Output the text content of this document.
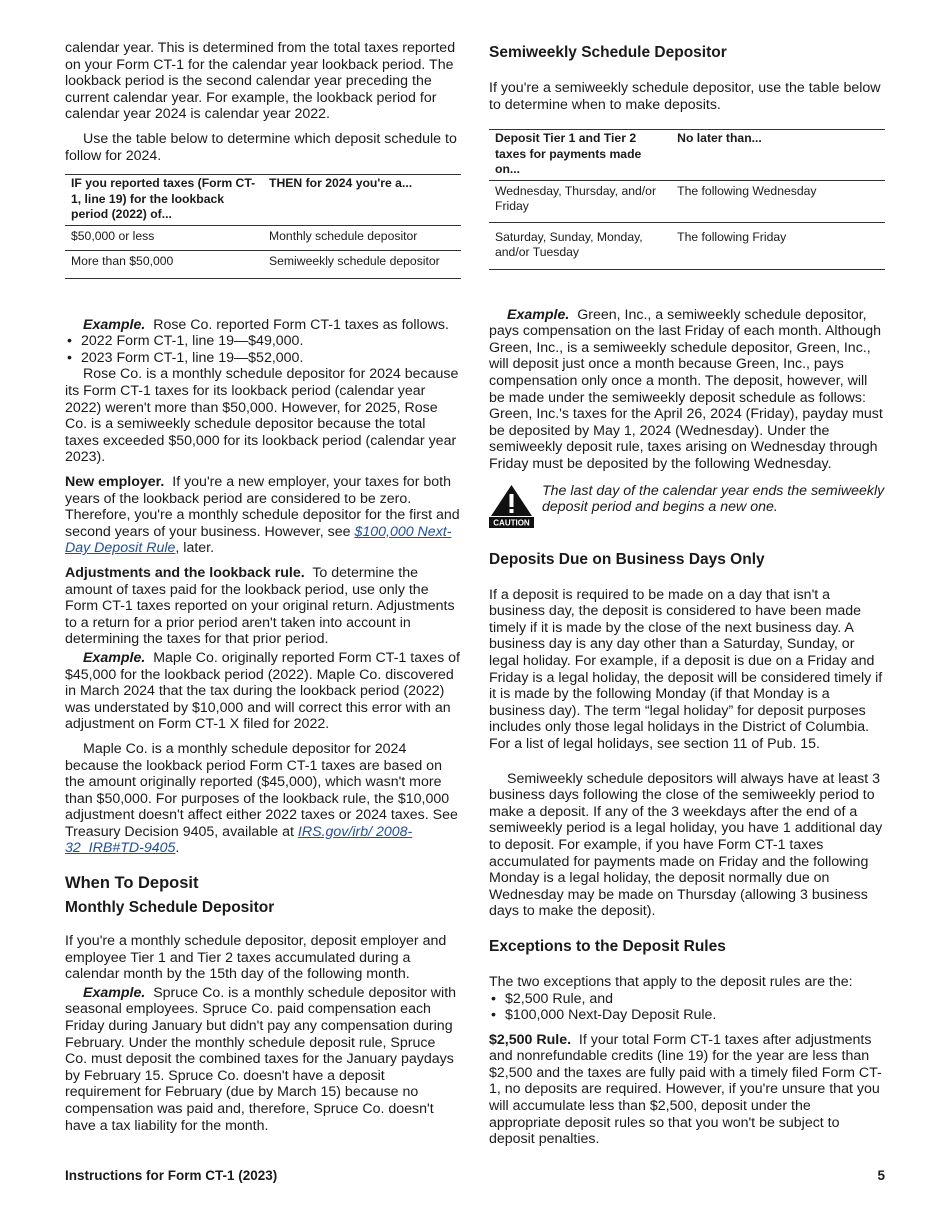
calendar year. This is determined from the total taxes reported on your Form CT-1 for the calendar year lookback period. The lookback period is the second calendar year preceding the current calendar year. For example, the lookback period for calendar year 2024 is calendar year 2022.

Use the table below to determine which deposit schedule to follow for 2024.

IF you reported taxes (Form CT-1, line 19) for the lookback period (2022) of...	THEN for 2024 you're a...
$50,000 or less	Monthly schedule depositor
More than $50,000	Semiweekly schedule depositor

Example. Rose Co. reported Form CT-1 taxes as follows.

• 2022 Form CT-1, line 19—$49,000.
• 2023 Form CT-1, line 19—$52,000.

Rose Co. is a monthly schedule depositor for 2024 because its Form CT-1 taxes for its lookback period (calendar year 2022) weren't more than $50,000. However, for 2025, Rose Co. is a semiweekly schedule depositor because the total taxes exceeded $50,000 for its lookback period (calendar year 2023).

New employer. If you're a new employer, your taxes for both years of the lookback period are considered to be zero. Therefore, you're a monthly schedule depositor for the first and second years of your business. However, see $100,000 Next-Day Deposit Rule, later.

Adjustments and the lookback rule. To determine the amount of taxes paid for the lookback period, use only the Form CT-1 taxes reported on your original return. Adjustments to a return for a prior period aren't taken into account in determining the taxes for that prior period.

Example. Maple Co. originally reported Form CT-1 taxes of $45,000 for the lookback period (2022). Maple Co. discovered in March 2024 that the tax during the lookback period (2022) was understated by $10,000 and will correct this error with an adjustment on Form CT-1 X filed for 2022.

Maple Co. is a monthly schedule depositor for 2024 because the lookback period Form CT-1 taxes are based on the amount originally reported ($45,000), which wasn't more than $50,000. For purposes of the lookback rule, the $10,000 adjustment doesn't affect either 2022 taxes or 2024 taxes. See Treasury Decision 9405, available at IRS.gov/irb/ 2008-32_IRB#TD-9405.

When To Deposit
Monthly Schedule Depositor

If you're a monthly schedule depositor, deposit employer and employee Tier 1 and Tier 2 taxes accumulated during a calendar month by the 15th day of the following month.

Example. Spruce Co. is a monthly schedule depositor with seasonal employees. Spruce Co. paid compensation each Friday during January but didn't pay any compensation during February. Under the monthly schedule deposit rule, Spruce Co. must deposit the combined taxes for the January paydays by February 15. Spruce Co. doesn't have a deposit requirement for February (due by March 15) because no compensation was paid and, therefore, Spruce Co. doesn't have a tax liability for the month.

Semiweekly Schedule Depositor

If you're a semiweekly schedule depositor, use the table below to determine when to make deposits.

Deposit Tier 1 and Tier 2 taxes for payments made on...	No later than...
Wednesday, Thursday, and/or Friday	The following Wednesday
Saturday, Sunday, Monday, and/or Tuesday	The following Friday

Example. Green, Inc., a semiweekly schedule depositor, pays compensation on the last Friday of each month. Although Green, Inc., is a semiweekly schedule depositor, Green, Inc., will deposit just once a month because Green, Inc., pays compensation only once a month. The deposit, however, will be made under the semiweekly deposit schedule as follows: Green, Inc.'s taxes for the April 26, 2024 (Friday), payday must be deposited by May 1, 2024 (Wednesday). Under the semiweekly deposit rule, taxes arising on Wednesday through Friday must be deposited by the following Wednesday.

CAUTION
The last day of the calendar year ends the semiweekly deposit period and begins a new one.
Deposits Due on Business Days Only

If a deposit is required to be made on a day that isn't a business day, the deposit is considered to have been made timely if it is made by the close of the next business day. A business day is any day other than a Saturday, Sunday, or legal holiday. For example, if a deposit is due on a Friday and Friday is a legal holiday, the deposit will be considered timely if it is made by the following Monday (if that Monday is a business day). The term “legal holiday” for deposit purposes includes only those legal holidays in the District of Columbia. For a list of legal holidays, see section 11 of Pub. 15.

Semiweekly schedule depositors will always have at least 3 business days following the close of the semiweekly period to make a deposit. If any of the 3 weekdays after the end of a semiweekly period is a legal holiday, you have 1 additional day to deposit. For example, if you have Form CT-1 taxes accumulated for payments made on Friday and the following Monday is a legal holiday, the deposit normally due on Wednesday may be made on Thursday (allowing 3 business days to make the deposit).

Exceptions to the Deposit Rules

The two exceptions that apply to the deposit rules are the:

• $2,500 Rule, and
• $100,000 Next-Day Deposit Rule.

$2,500 Rule. If your total Form CT-1 taxes after adjustments and nonrefundable credits (line 19) for the year are less than $2,500 and the taxes are fully paid with a timely filed Form CT-1, no deposits are required. However, if you're unsure that you will accumulate less than $2,500, deposit under the appropriate deposit rules so that you won't be subject to deposit penalties.

Instructions for Form CT-1 (2023)	5
